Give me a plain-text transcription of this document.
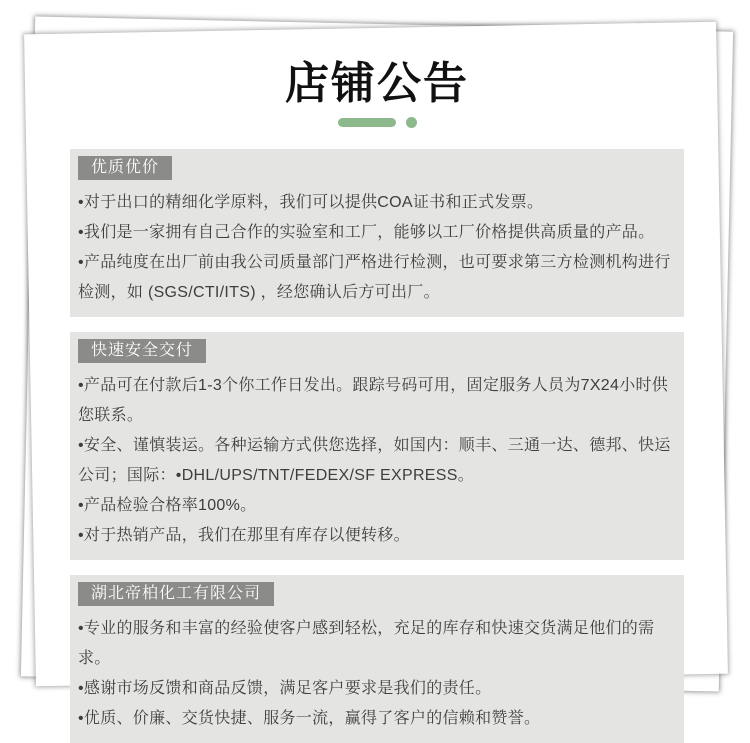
店铺公告
优质优价
•对于出口的精细化学原料，我们可以提供COA证书和正式发票。
•我们是一家拥有自己合作的实验室和工厂，能够以工厂价格提供高质量的产品。
•产品纯度在出厂前由我公司质量部门严格进行检测，也可要求第三方检测机构进行检测，如 (SGS/CTI/ITS) ，经您确认后方可出厂。
快速安全交付
•产品可在付款后1-3个你工作日发出。跟踪号码可用，固定服务人员为7X24小时供您联系。
•安全、谨慎装运。各种运输方式供您选择，如国内：顺丰、三通一达、德邦、快运公司；国际：•DHL/UPS/TNT/FEDEX/SF EXPRESS。
•产品检验合格率100%。
•对于热销产品，我们在那里有库存以便转移。
湖北帝柏化工有限公司
•专业的服务和丰富的经验使客户感到轻松，充足的库存和快速交货满足他们的需求。
•感谢市场反馈和商品反馈，满足客户要求是我们的责任。
•优质、价廉、交货快捷、服务一流，赢得了客户的信赖和赞誉。
